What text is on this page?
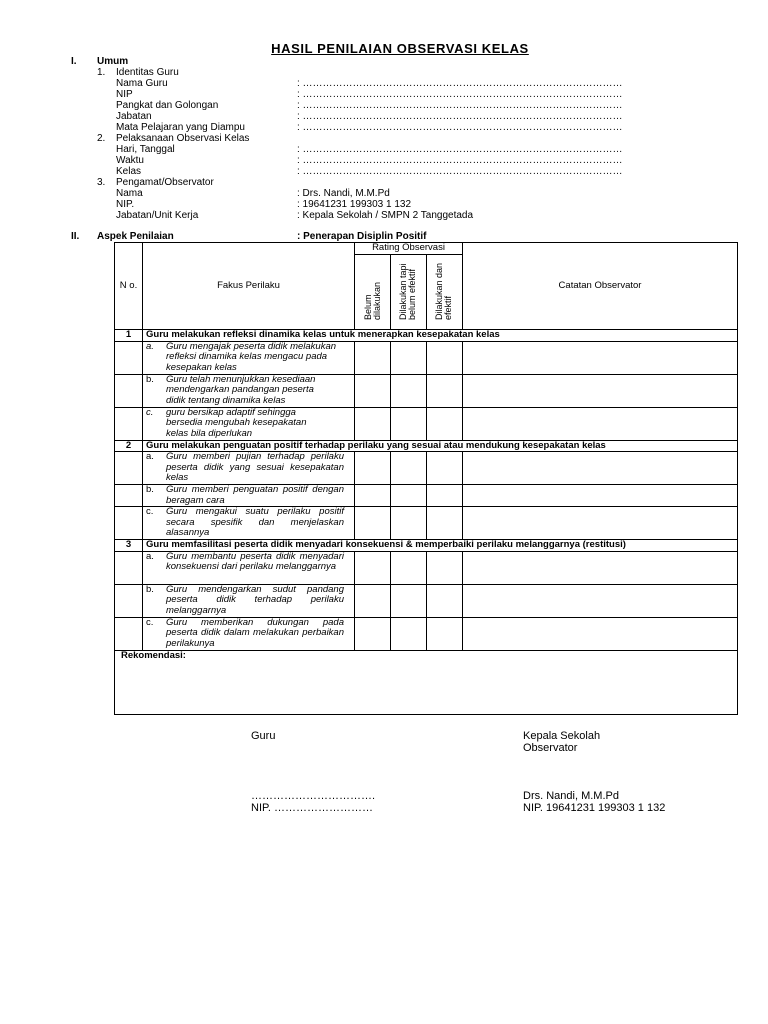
HASIL PENILAIAN OBSERVASI KELAS
I. Umum
1. Identitas Guru
Nama Guru	: ……………………………………………………………………………………
NIP	: ……………………………………………………………………………………
Pangkat dan Golongan	: ……………………………………………………………………………………
Jabatan	: ……………………………………………………………………………………
Mata Pelajaran yang Diampu	: ……………………………………………………………………………………
2. Pelaksanaan Observasi Kelas
Hari, Tanggal	: ……………………………………………………………………………………
Waktu	: ……………………………………………………………………………………
Kelas	: ……………………………………………………………………………………
3. Pengamat/Observator
Nama	: Drs. Nandi, M.M.Pd
NIP.	: 19641231 199303 1 132
Jabatan/Unit Kerja	: Kepala Sekolah / SMPN 2 Tanggetada
II. Aspek Penilaian	: Penerapan Disiplin Positif
N o.	Fakus Perilaku	Rating Observasi			Catatan Observator
		Belum dilakukan	Dilakukan tapi belum efektif	Dilakukan dan efektif	
1	Guru melakukan refleksi dinamika kelas untuk menerapkan kesepakatan kelas				

	a. Guru mengajak peserta didik melakukan refleksi dinamika kelas mengacu pada kesepakan kelas				

	b. Guru telah menunjukkan kesediaan mendengarkan pandangan peserta didik tentang dinamika kelas				

	c. guru bersikap adaptif sehingga bersedia mengubah kesepakatan kelas bila diperlukan				

2	Guru melakukan penguatan positif terhadap perilaku yang sesuai atau mendukung kesepakatan kelas				

	a. Guru memberi pujian terhadap perilaku peserta didik yang sesuai kesepakatan kelas				

	b. Guru memberi penguatan positif dengan beragam cara				

	c. Guru mengakui suatu perilaku positif secara spesifik dan menjelaskan alasannya				

3	Guru memfasilitasi peserta didik menyadari konsekuensi & memperbaiki perilaku melanggarnya (restitusi)				

	a. Guru membantu peserta didik menyadari konsekuensi dari perilaku melanggarnya				

	b. Guru mendengarkan sudut pandang peserta didik terhadap perilaku melanggarnya				

	c. Guru memberikan dukungan pada peserta didik dalam melakukan perbaikan perilakunya				

Rekomendasi:					
Guru
…………………………….
NIP. ………………………
Kepala Sekolah
Observator
Drs. Nandi, M.M.Pd
NIP. 19641231 199303 1 132
